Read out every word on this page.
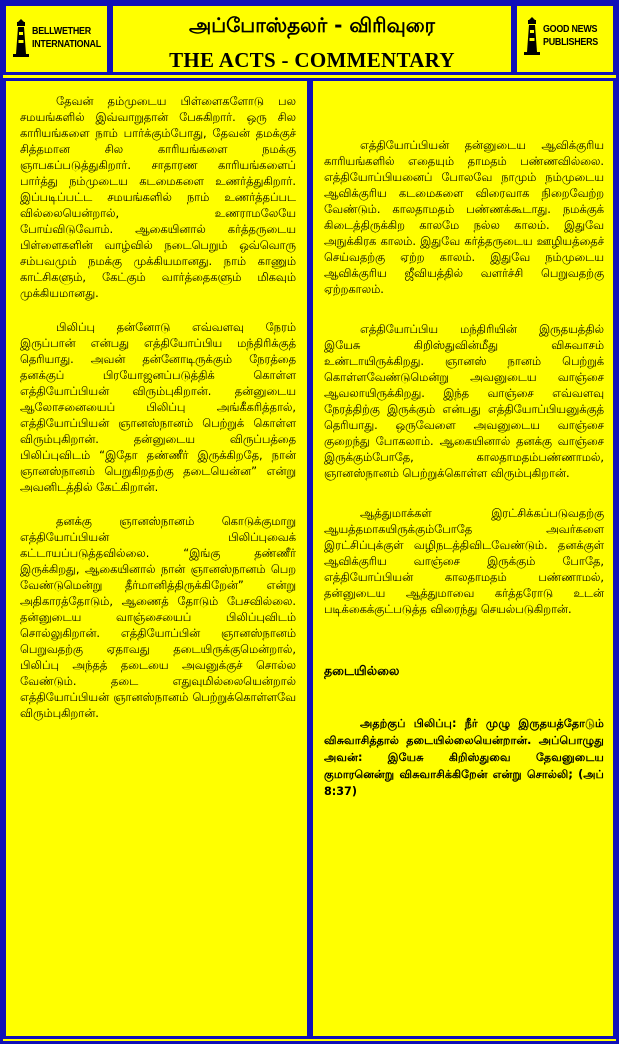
BELLWETHER
INTERNATIONAL
அப்போஸ்தலர் - விரிவுரை
THE ACTS - COMMENTARY
GOOD NEWS
PUBLISHERS

தேவன் தம்முடைய பிள்ளைகளோடு பல சமயங்களில் இவ்வாறுதான் பேசுகிறார். ஒரு சில காரியங்களை நாம் பார்க்கும்போது, தேவன் தமக்குச் சித்தமான சில காரியங்களை நமக்கு ஞாபகப்படுத்துகிறார். சாதாரண காரியங்களைப் பார்த்து நம்முடைய கடமைகளை உணர்த்துகிறார். இப்படிப்பட்ட சமயங்களில் நாம் உணர்த்தப்பட வில்லையென்றால், உணராமலேயே போய்விடுவோம். ஆகையினால் கர்த்தருடைய பிள்ளைகளின் வாழ்வில் நடைபெறும் ஒவ்வொரு சம்பவமும் நமக்கு முக்கியமானது. நாம் காணும் காட்சிகளும், கேட்கும் வார்த்தைகளும் மிகவும் முக்கியமானது.

பிலிப்பு தன்னோடு எவ்வளவு நேரம் இருப்பான் என்பது எத்தியோப்பிய மந்திரிக்குத் தெரியாது. அவன் தன்னோடிருக்கும் நேரத்தை தனக்குப் பிரயோஜனப்படுத்திக் கொள்ள எத்தியோப்பியன் விரும்புகிறான். தன்னுடைய ஆலோசனையைப் பிலிப்பு அங்கீகரித்தால், எத்தியோப்பியன் ஞானஸ்நானம் பெற்றுக் கொள்ள விரும்புகிறான். தன்னுடைய விருப்பத்தை பிலிப்புவிடம் “இதோ தண்ணீர் இருக்கிறதே, நான் ஞானஸ்நானம் பெறுகிறதற்கு தடையென்ன” என்று அவனிடத்தில் கேட்கிறான்.

தனக்கு ஞானஸ்நானம் கொடுக்குமாறு எத்தியோப்பியன் பிலிப்புவைக் கட்டாயப்படுத்தவில்லை. “இங்கு தண்ணீர் இருக்கிறது, ஆகையினால் நான் ஞானஸ்நானம் பெற வேண்டுமென்று தீர்மானித்திருக்கிறேன்” என்று அதிகாரத்தோடும், ஆணைத் தோடும் பேசவில்லை. தன்னுடைய வாஞ்சையைப் பிலிப்புவிடம் சொல்லுகிறான். எத்தியோப்பின் ஞானஸ்நானம் பெறுவதற்கு ஏதாவது தடையிருக்குமென்றால், பிலிப்பு அந்தத் தடையை அவனுக்குச் சொல்ல வேண்டும். தடை எதுவுமில்லையென்றால் எத்தியோப்பியன் ஞானஸ்நானம் பெற்றுக்கொள்ளவே விரும்புகிறான்.

எத்தியோப்பியன் தன்னுடைய ஆவிக்குரிய காரியங்களில் எதையும் தாமதம் பண்ணவில்லை. எத்தியோப்பியனைப் போலவே நாமும் நம்முடைய ஆவிக்குரிய கடமைகளை விரைவாக நிறைவேற்ற வேண்டும். காலதாமதம் பண்ணக்கூடாது. நமக்குக் கிடைத்திருக்கிற காலமே நல்ல காலம். இதுவே அநுக்கிரக காலம். இதுவே கர்த்தருடைய ஊழியத்தைச் செய்வதற்கு ஏற்ற காலம். இதுவே நம்முடைய ஆவிக்குரிய ஜீவியத்தில் வளர்ச்சி பெறுவதற்கு ஏற்றகாலம்.

எத்தியோப்பிய மந்திரியின் இருதயத்தில் இயேசு கிறிஸ்துவின்மீது விசுவாசம் உண்டாயிருக்கிறது. ஞானஸ் நானம் பெற்றுக் கொள்ளவேண்டுமென்று அவனுடைய வாஞ்சை ஆவலாயிருக்கிறது. இந்த வாஞ்சை எவ்வளவு நேரத்திற்கு இருக்கும் என்பது எத்தியோப்பியனுக்குத் தெரியாது. ஒருவேளை அவனுடைய வாஞ்சை குறைந்து போகலாம். ஆகையினால் தனக்கு வாஞ்சை இருக்கும்போதே, காலதாமதம்பண்ணாமல், ஞானஸ்நானம் பெற்றுக்கொள்ள விரும்புகிறான்.

ஆத்துமாக்கள் இரட்சிக்கப்படுவதற்கு ஆயத்தமாகயிருக்கும்போதே அவர்களை இரட்சிப்புக்குள் வழிநடத்திவிடவேண்டும். தனக்குள் ஆவிக்குரிய வாஞ்சை இருக்கும் போதே, எத்தியோப்பியன் காலதாமதம் பண்ணாமல், தன்னுடைய ஆத்துமாவை கர்த்தரோடு உடன் படிக்கைக்குட்படுத்த விரைந்து செயல்படுகிறான்.

தடையில்லை

அதற்குப் பிலிப்பு: நீர் முழு இருதயத்தோடும் விசுவாசித்தால் தடையில்லையென்றான். அப்பொழுது அவன்: இயேசு கிறிஸ்துவை தேவனுடைய குமாரனென்று விசுவாசிக்கிறேன் என்று சொல்லி; (அப் 8:37)
